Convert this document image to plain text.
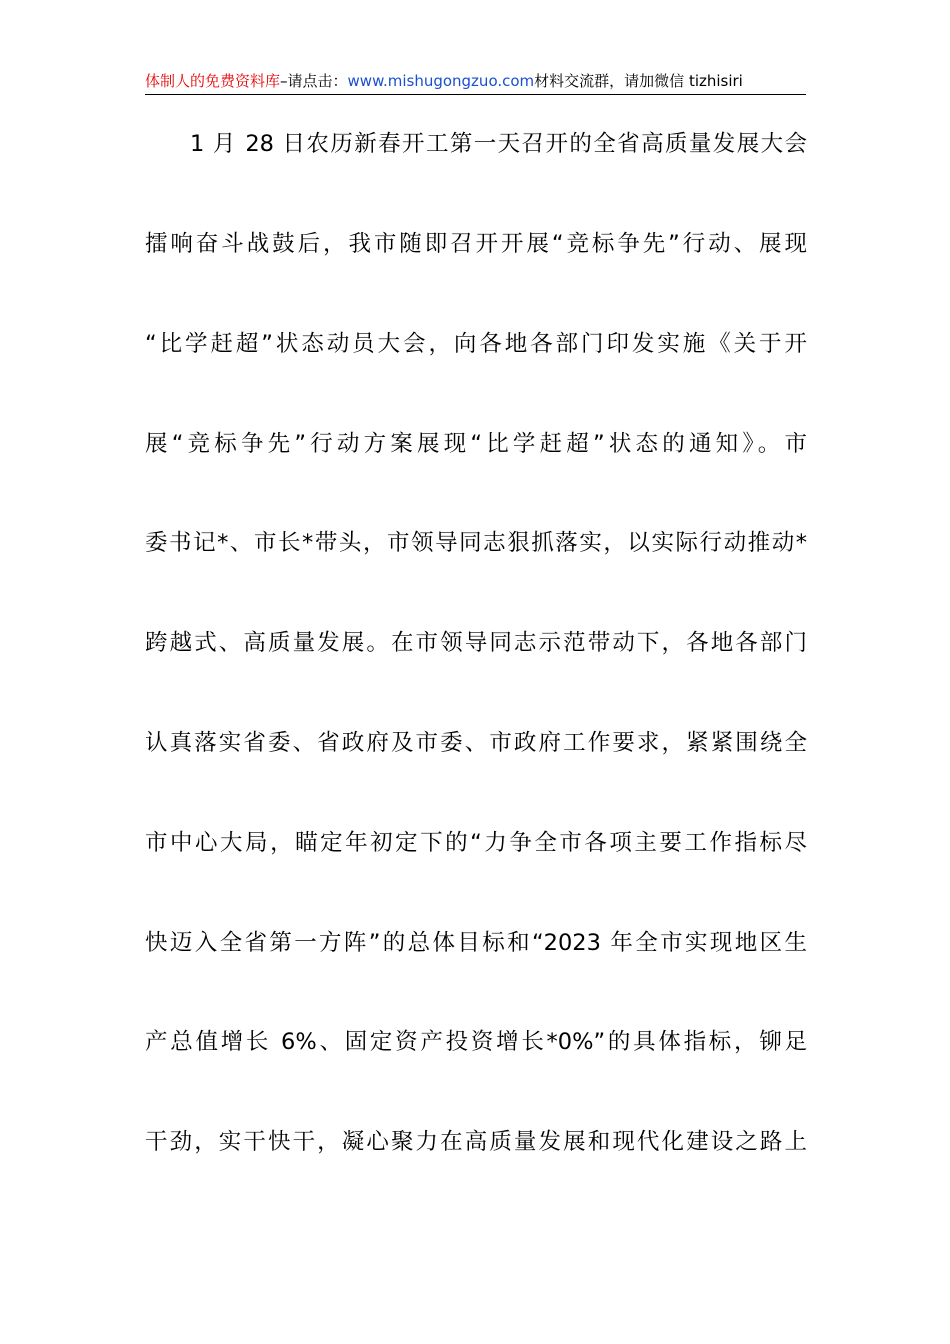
体制人的免费资料库–请点击：www.mishugongzuo.com材料交流群，请加微信 tizhisiri
1 月 28 日农历新春开工第一天召开的全省高质量发展大会
擂响奋斗战鼓后，我市随即召开开展“竞标争先”行动、展现
“比学赶超”状态动员大会，向各地各部门印发实施《关于开
展“竞标争先”行动方案展现“比学赶超”状态的通知》。市
委书记*、市长*带头，市领导同志狠抓落实，以实际行动推动*
跨越式、高质量发展。在市领导同志示范带动下，各地各部门
认真落实省委、省政府及市委、市政府工作要求，紧紧围绕全
市中心大局，瞄定年初定下的“力争全市各项主要工作指标尽
快迈入全省第一方阵”的总体目标和“2023 年全市实现地区生
产总值增长 6%、固定资产投资增长*0%”的具体指标，铆足
干劲，实干快干，凝心聚力在高质量发展和现代化建设之路上
